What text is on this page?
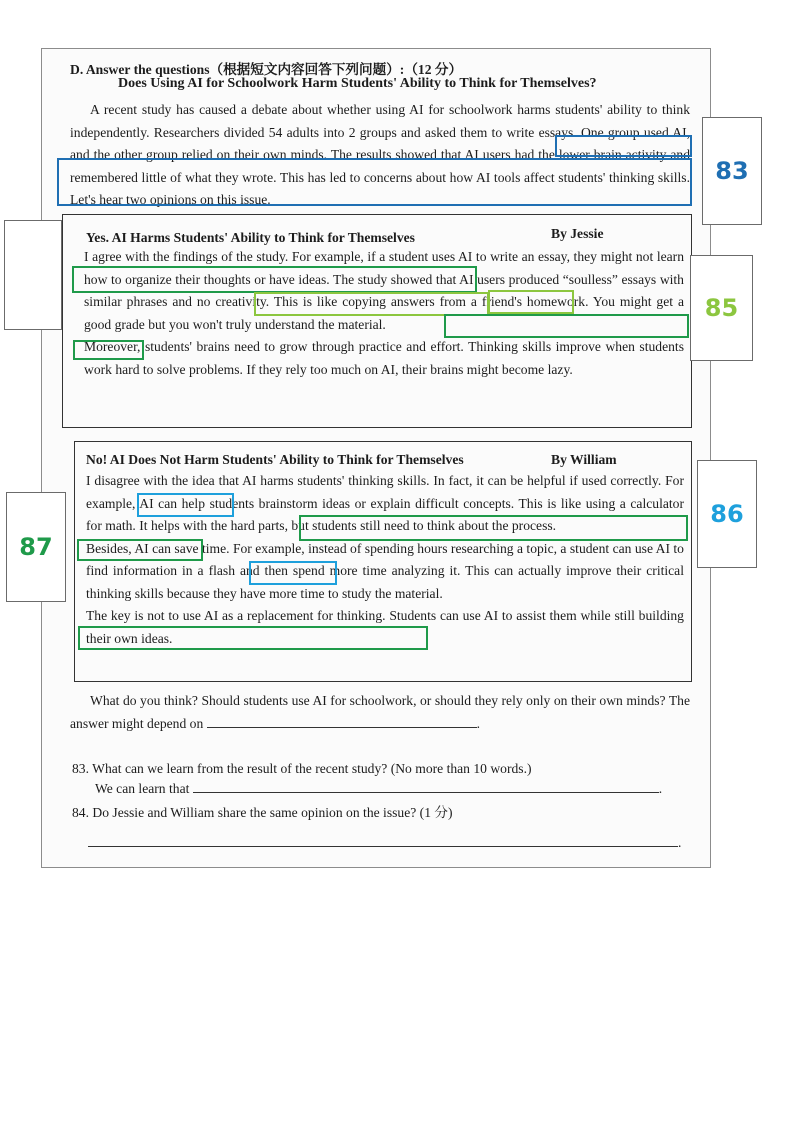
D. Answer the questions（根据短文内容回答下列问题）:（12 分）
Does Using AI for Schoolwork Harm Students' Ability to Think for Themselves?
A recent study has caused a debate about whether using AI for schoolwork harms students' ability to think independently. Researchers divided 54 adults into 2 groups and asked them to write essays. One group used AI, and the other group relied on their own minds. The results showed that AI users had the lower brain activity and remembered little of what they wrote. This has led to concerns about how AI tools affect students' thinking skills. Let's hear two opinions on this issue.
Yes. AI Harms Students' Ability to Think for Themselves	By Jessie

I agree with the findings of the study. For example, if a student uses AI to write an essay, they might not learn how to organize their thoughts or have ideas. The study showed that AI users produced “soulless” essays with similar phrases and no creativity. This is like copying answers from a friend's homework. You might get a good grade but you won't truly understand the material.

Moreover, students' brains need to grow through practice and effort. Thinking skills improve when students work hard to solve problems. If they rely too much on AI, their brains might become lazy.

No! AI Does Not Harm Students' Ability to Think for Themselves	By William

I disagree with the idea that AI harms students' thinking skills. In fact, it can be helpful if used correctly. For example, AI can help students brainstorm ideas or explain difficult concepts. This is like using a calculator for math. It helps with the hard parts, but students still need to think about the process.

Besides, AI can save time. For example, instead of spending hours researching a topic, a student can use AI to find information in a flash and then spend more time analyzing it. This can actually improve their critical thinking skills because they have more time to study the material.

The key is not to use AI as a replacement for thinking. Students can use AI to assist them while still building their own ideas.

What do you think? Should students use AI for schoolwork, or should they rely only on their own minds? The answer might depend on	.
83. What can we learn from the result of the recent study? (No more than 10 words.)
We can learn that	.
84. Do Jessie and William share the same opinion on the issue? (1 分)
.
83
85
86
87
